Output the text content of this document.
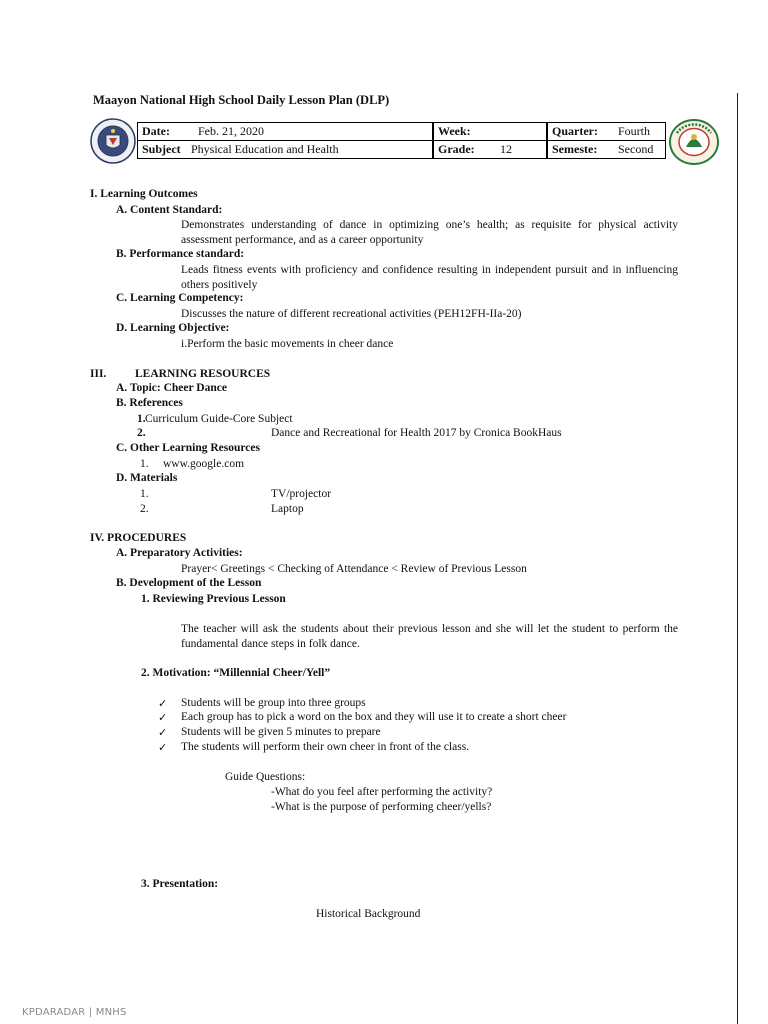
Maayon National High School Daily Lesson Plan (DLP)
Date: Feb. 21, 2020	Week:	Quarter: Fourth
Subject Physical Education and Health	Grade: 12	Semeste: Second
I. Learning Outcomes
A. Content Standard:
Demonstrates understanding of dance in optimizing one’s health; as requisite for physical activity assessment performance, and as a career opportunity
B. Performance standard:
Leads fitness events with proficiency and confidence resulting in independent pursuit and in influencing others positively
C. Learning Competency:
Discusses the nature of different recreational activities (PEH12FH-IIa-20)
D. Learning Objective:
i.Perform the basic movements in cheer dance
III. LEARNING RESOURCES
A. Topic: Cheer Dance
B. References
1. Curriculum Guide-Core Subject
2.	Dance and Recreational for Health 2017 by Cronica BookHaus
C. Other Learning Resources
1. www.google.com
D. Materials
1.	TV/projector
2.	Laptop
IV. PROCEDURES
A. Preparatory Activities:
Prayer< Greetings < Checking of Attendance < Review of Previous Lesson
B. Development of the Lesson
1. Reviewing Previous Lesson
The teacher will ask the students about their previous lesson and she will let the student to perform the fundamental dance steps in folk dance.
2. Motivation: “Millennial Cheer/Yell”
✓ Students will be group into three groups
✓ Each group has to pick a word on the box and they will use it to create a short cheer
✓ Students will be given 5 minutes to prepare
✓ The students will perform their own cheer in front of the class.
Guide Questions:
-What do you feel after performing the activity?
-What is the purpose of performing cheer/yells?
3. Presentation:
Historical Background
KPDARADAR | MNHS
